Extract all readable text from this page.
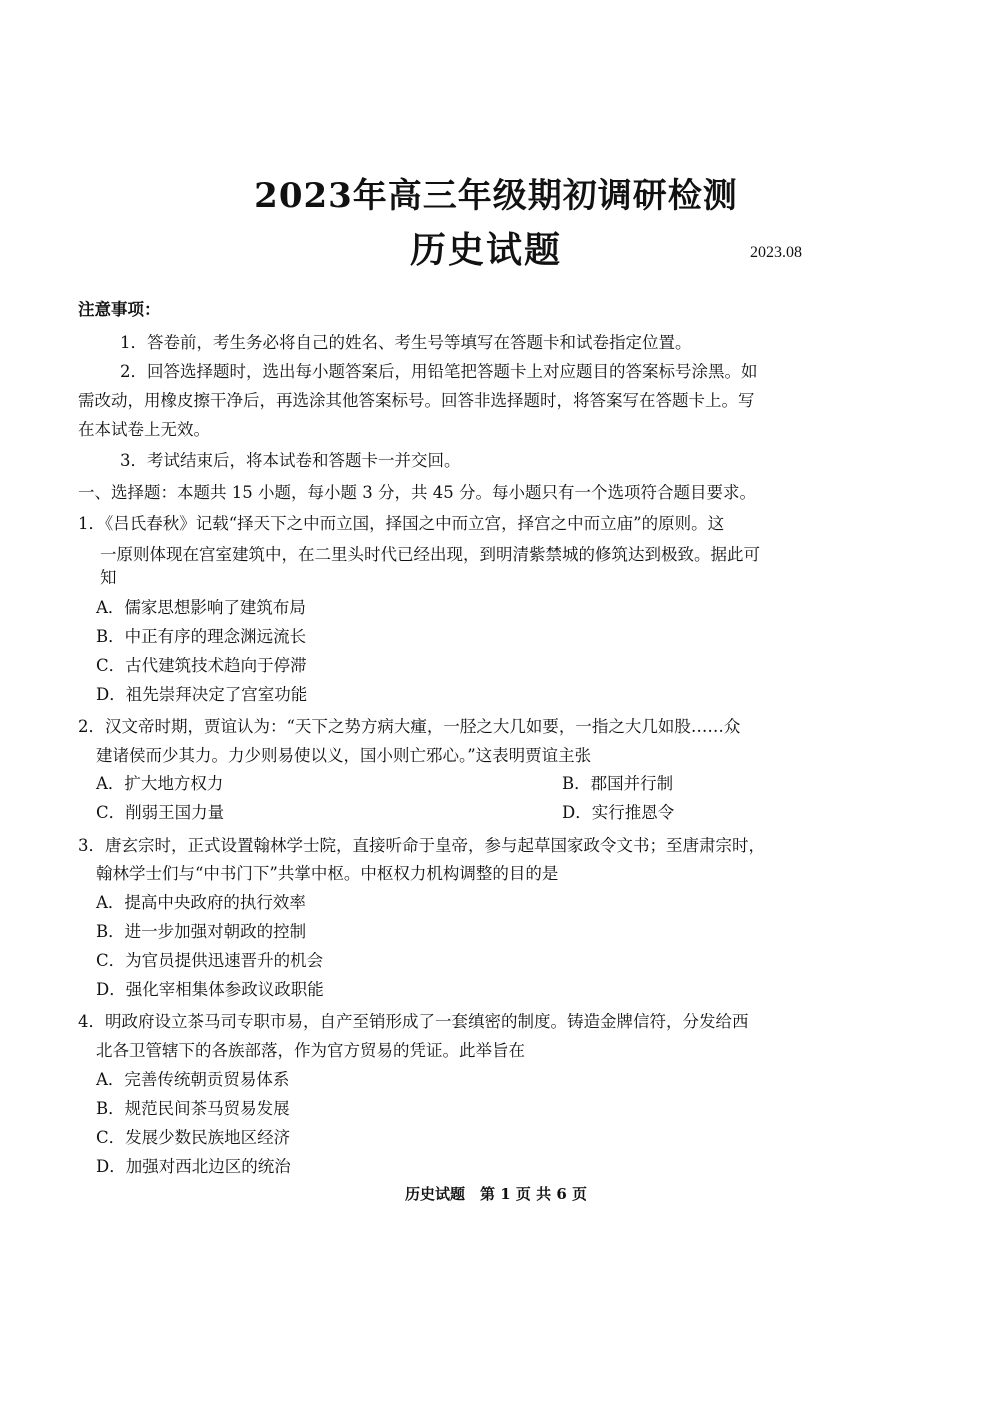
2023年高三年级期初调研检测
历史试题	2023.08
注意事项：
1．答卷前，考生务必将自己的姓名、考生号等填写在答题卡和试卷指定位置。
2．回答选择题时，选出每小题答案后，用铅笔把答题卡上对应题目的答案标号涂黑。如
需改动，用橡皮擦干净后，再选涂其他答案标号。回答非选择题时，将答案写在答题卡上。写
在本试卷上无效。
3．考试结束后，将本试卷和答题卡一并交回。
一、选择题：本题共 15 小题，每小题 3 分，共 45 分。每小题只有一个选项符合题目要求。
1．《吕氏春秋》记载“择天下之中而立国，择国之中而立宫，择宫之中而立庙”的原则。这
一原则体现在宫室建筑中，在二里头时代已经出现，到明清紫禁城的修筑达到极致。据此可
知
A．儒家思想影响了建筑布局
B．中正有序的理念渊远流长
C．古代建筑技术趋向于停滞
D．祖先崇拜决定了宫室功能
2．汉文帝时期，贾谊认为：“天下之势方病大瘇，一胫之大几如要，一指之大几如股……众
建诸侯而少其力。力少则易使以义，国小则亡邪心。”这表明贾谊主张
A．扩大地方权力	B．郡国并行制
C．削弱王国力量	D．实行推恩令
3．唐玄宗时，正式设置翰林学士院，直接听命于皇帝，参与起草国家政令文书；至唐肃宗时，
翰林学士们与“中书门下”共掌中枢。中枢权力机构调整的目的是
A．提高中央政府的执行效率
B．进一步加强对朝政的控制
C．为官员提供迅速晋升的机会
D．强化宰相集体参政议政职能
4．明政府设立茶马司专职市易，自产至销形成了一套缜密的制度。铸造金牌信符，分发给西
北各卫管辖下的各族部落，作为官方贸易的凭证。此举旨在
A．完善传统朝贡贸易体系
B．规范民间茶马贸易发展
C．发展少数民族地区经济
D．加强对西北边区的统治
历史试题　第 1 页 共 6 页
